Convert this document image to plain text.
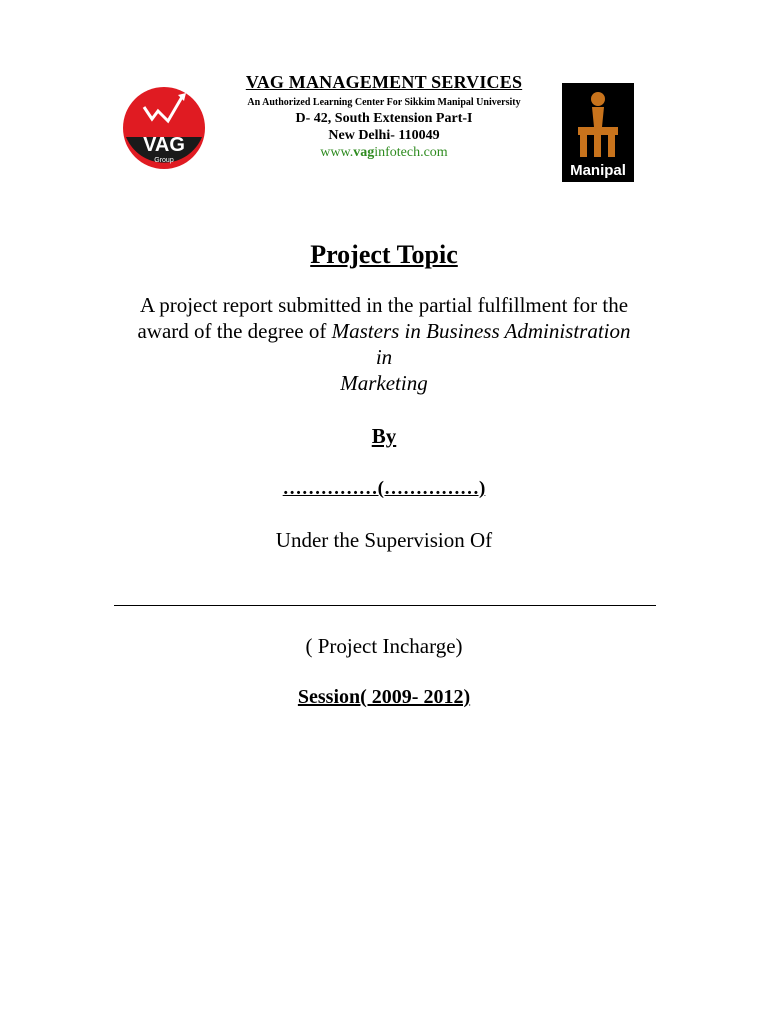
VAG
Group
Manipal
VAG MANAGEMENT SERVICES
An Authorized Learning Center For Sikkim Manipal University
D- 42, South Extension Part-I
New Delhi- 110049
www.vaginfotech.com
Project Topic
A project report submitted in the partial fulfillment for the
award of the degree of Masters in Business Administration
in
Marketing
By
……………(……………)
Under the Supervision Of
( Project Incharge)
Session( 2009- 2012)
